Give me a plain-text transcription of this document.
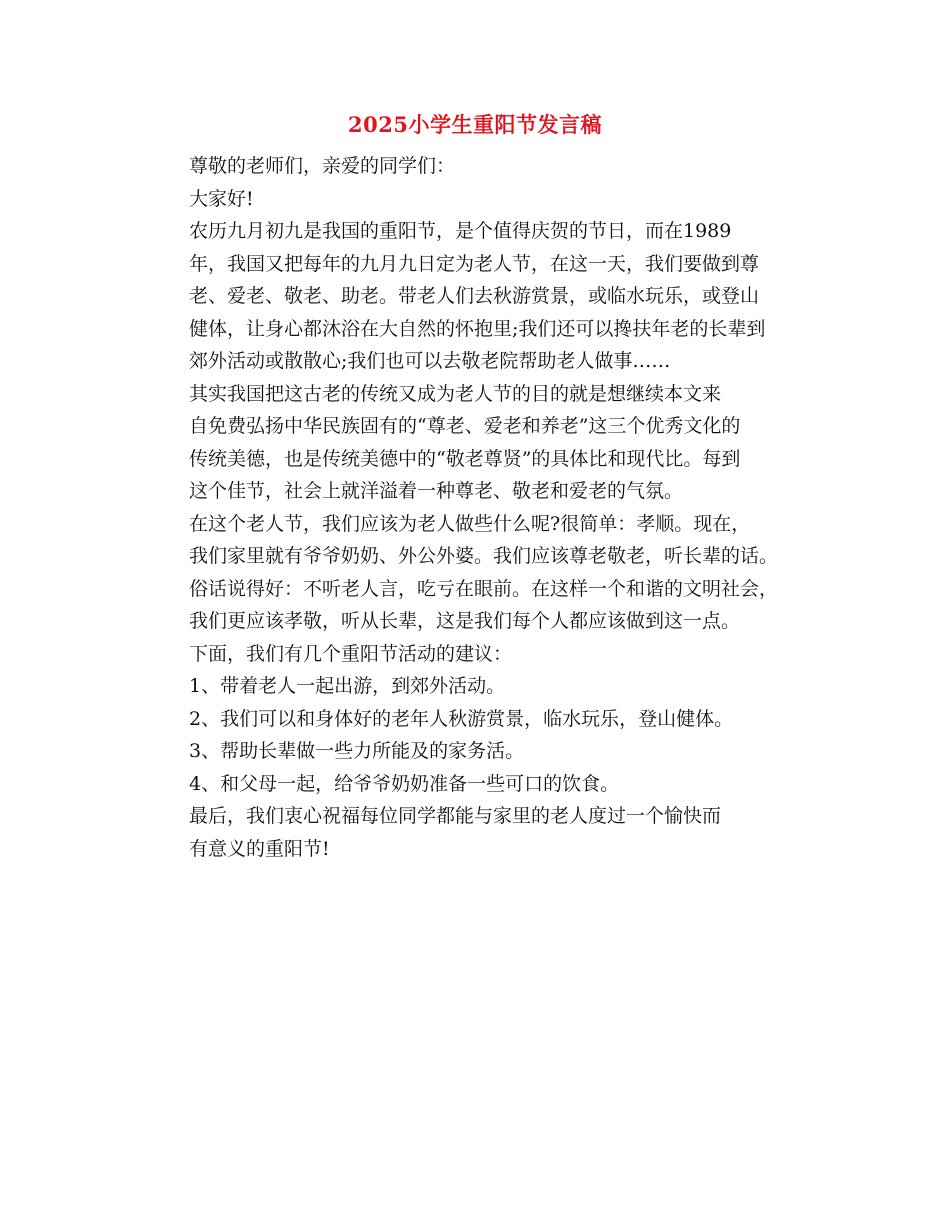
2025小学生重阳节发言稿

尊敬的老师们，亲爱的同学们：

大家好!

农历九月初九是我国的重阳节，是个值得庆贺的节日，而在1989
年，我国又把每年的九月九日定为老人节，在这一天，我们要做到尊
老、爱老、敬老、助老。带老人们去秋游赏景，或临水玩乐，或登山
健体，让身心都沐浴在大自然的怀抱里;我们还可以搀扶年老的长辈到
郊外活动或散散心;我们也可以去敬老院帮助老人做事……

其实我国把这古老的传统又成为老人节的目的就是想继续本文来
自免费弘扬中华民族固有的“尊老、爱老和养老”这三个优秀文化的
传统美德，也是传统美德中的“敬老尊贤”的具体比和现代比。每到
这个佳节，社会上就洋溢着一种尊老、敬老和爱老的气氛。

在这个老人节，我们应该为老人做些什么呢?很简单：孝顺。现在，
我们家里就有爷爷奶奶、外公外婆。我们应该尊老敬老，听长辈的话。
俗话说得好：不听老人言，吃亏在眼前。在这样一个和谐的文明社会，
我们更应该孝敬，听从长辈，这是我们每个人都应该做到这一点。

下面，我们有几个重阳节活动的建议：

1、带着老人一起出游，到郊外活动。

2、我们可以和身体好的老年人秋游赏景，临水玩乐，登山健体。

3、帮助长辈做一些力所能及的家务活。

4、和父母一起，给爷爷奶奶准备一些可口的饮食。

最后，我们衷心祝福每位同学都能与家里的老人度过一个愉快而
有意义的重阳节!
